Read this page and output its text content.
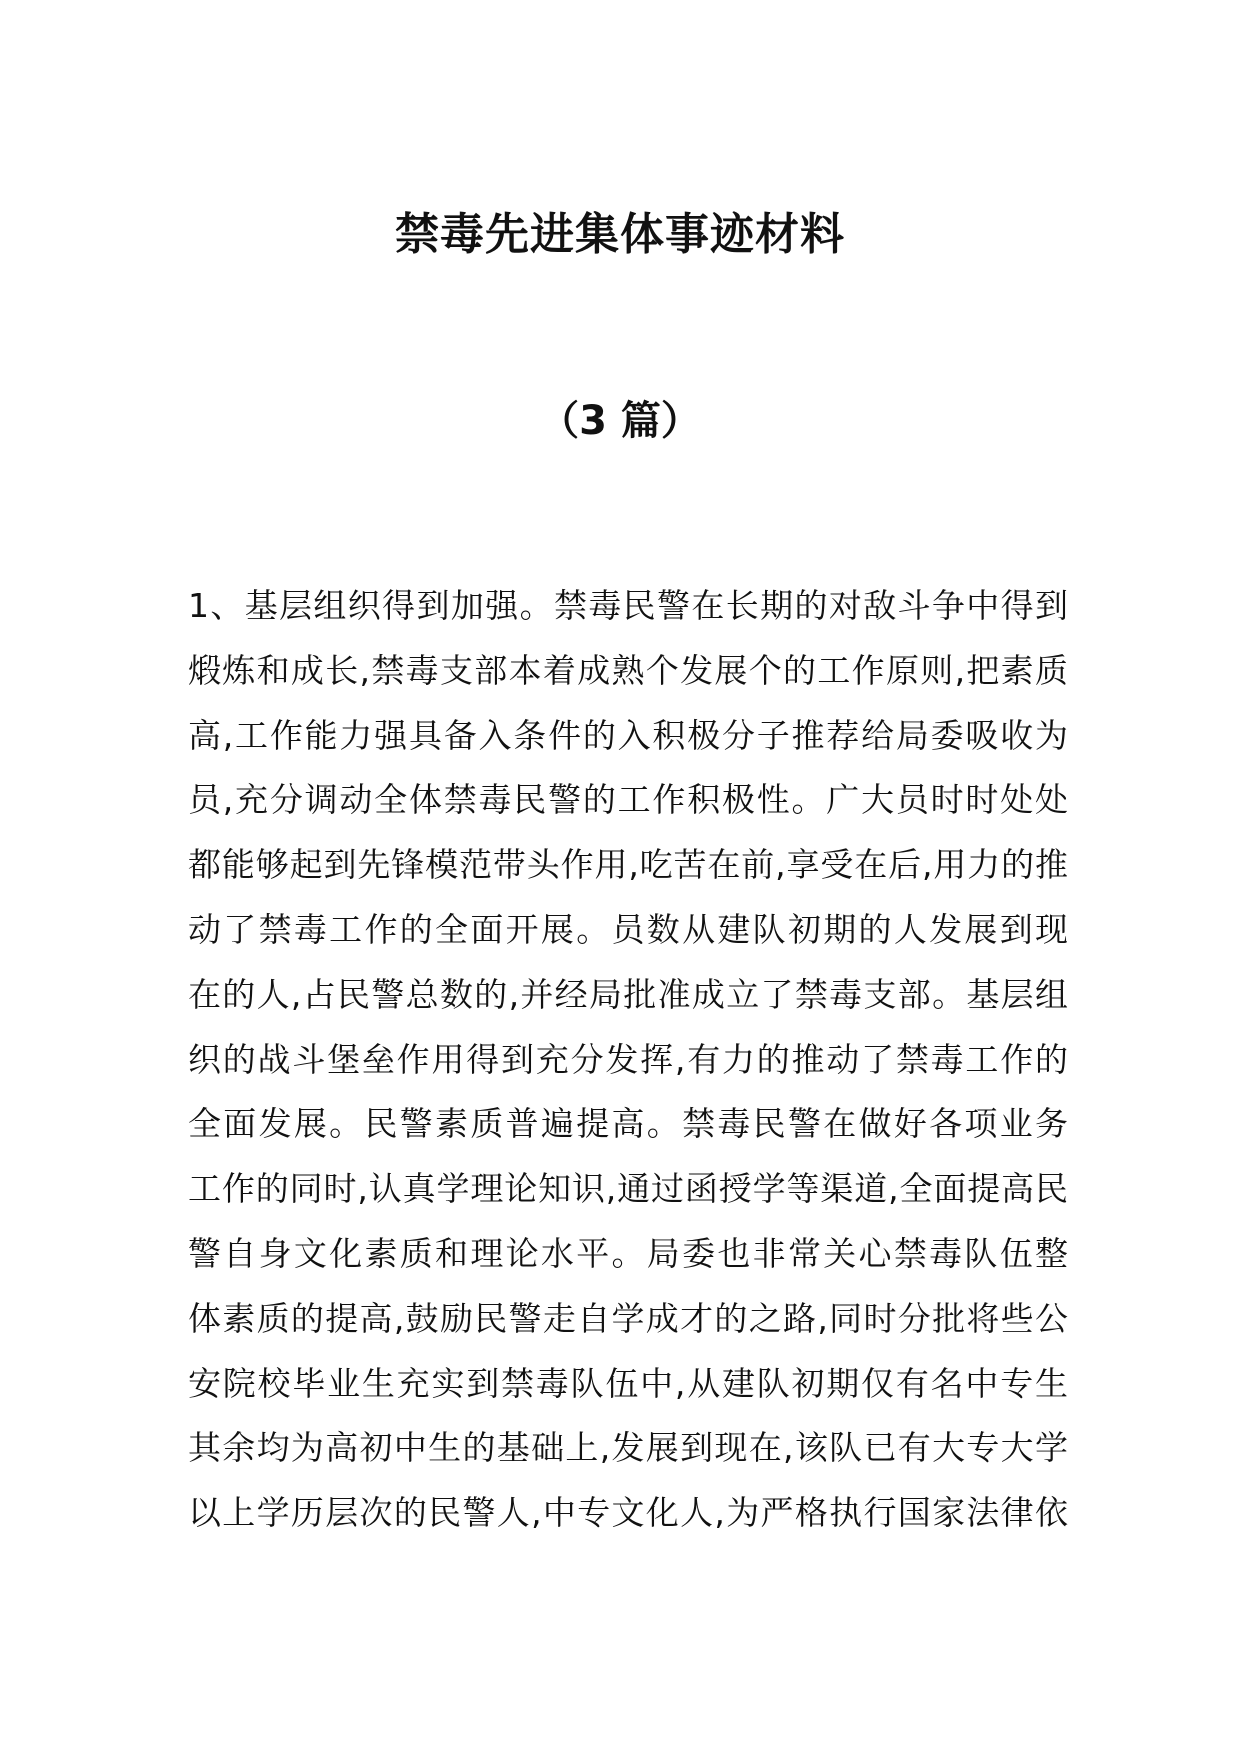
禁毒先进集体事迹材料
（3 篇）
1、基层组织得到加强。禁毒民警在长期的对敌斗争中得到
煅炼和成长,禁毒支部本着成熟个发展个的工作原则,把素质
高,工作能力强具备入条件的入积极分子推荐给局委吸收为
员,充分调动全体禁毒民警的工作积极性。广大员时时处处
都能够起到先锋模范带头作用,吃苦在前,享受在后,用力的推
动了禁毒工作的全面开展。员数从建队初期的人发展到现
在的人,占民警总数的,并经局批准成立了禁毒支部。基层组
织的战斗堡垒作用得到充分发挥,有力的推动了禁毒工作的
全面发展。民警素质普遍提高。禁毒民警在做好各项业务
工作的同时,认真学理论知识,通过函授学等渠道,全面提高民
警自身文化素质和理论水平。局委也非常关心禁毒队伍整
体素质的提高,鼓励民警走自学成才的之路,同时分批将些公
安院校毕业生充实到禁毒队伍中,从建队初期仅有名中专生
其余均为高初中生的基础上,发展到现在,该队已有大专大学
以上学历层次的民警人,中专文化人,为严格执行国家法律依
